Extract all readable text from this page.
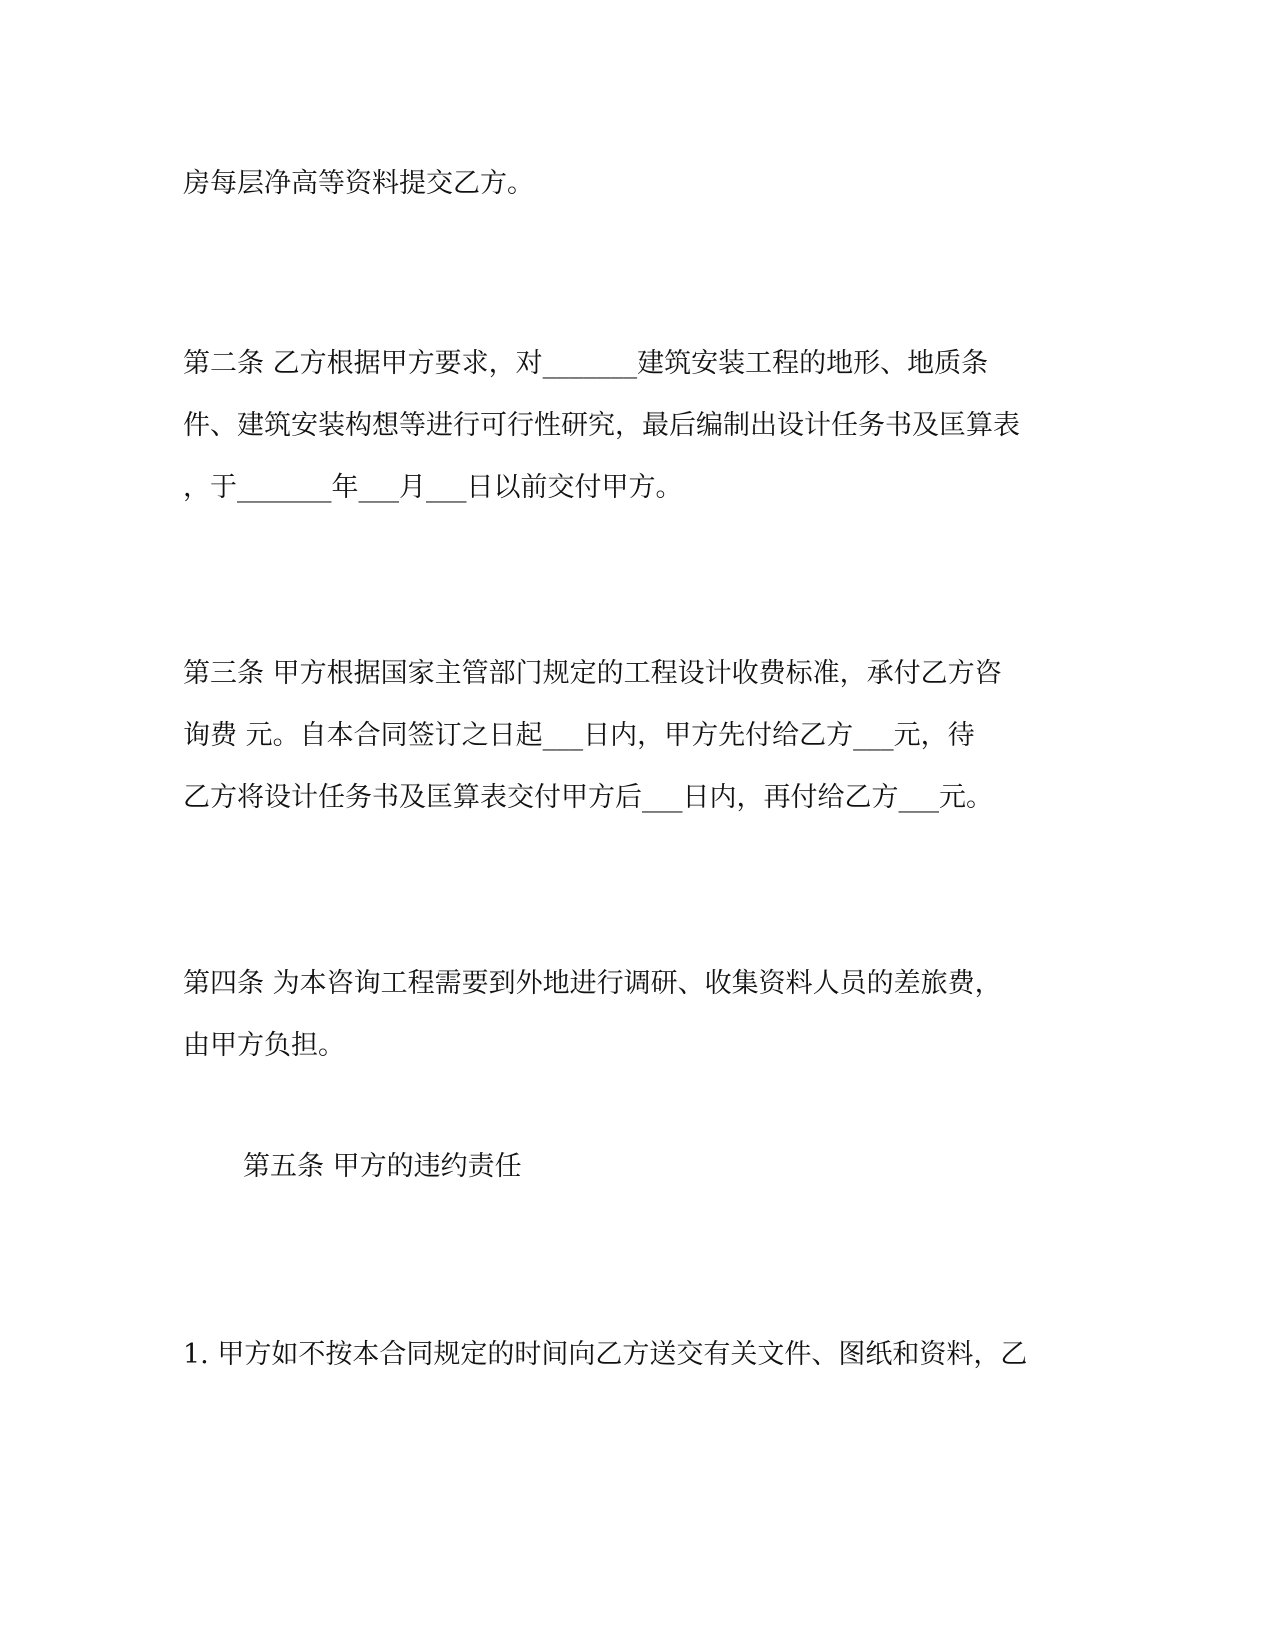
房每层净高等资料提交乙方。
第二条 乙方根据甲方要求，对_______建筑安装工程的地形、地质条
件、建筑安装构想等进行可行性研究，最后编制出设计任务书及匡算表
，于_______年___月___日以前交付甲方。
第三条 甲方根据国家主管部门规定的工程设计收费标准，承付乙方咨
询费 元。自本合同签订之日起___日内，甲方先付给乙方___元，待
乙方将设计任务书及匡算表交付甲方后___日内，再付给乙方___元。
第四条 为本咨询工程需要到外地进行调研、收集资料人员的差旅费，
由甲方负担。
第五条 甲方的违约责任
1. 甲方如不按本合同规定的时间向乙方送交有关文件、图纸和资料，乙
